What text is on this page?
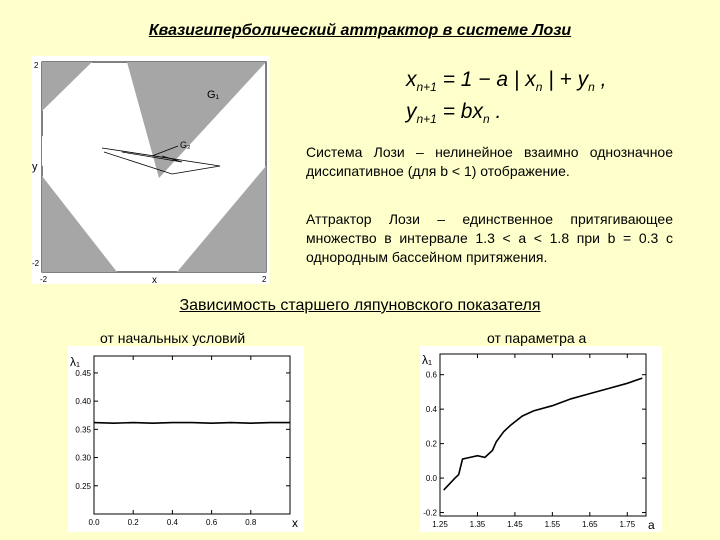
Квазигиперболический аттрактор в системе Лози
G₁
G₂
2
-2
-2	2
y
x
$x_{n+1} = 1 - a$ | $x_n$ | + $y_n$ ,
$y_{n+1} = bx_n$ .
Система Лози – нелинейное взаимно однозначное диссипативное (для b < 1) отображение.
Аттрактор Лози – единственное притягивающее множество в интервале 1.3 < a < 1.8 при b = 0.3 с однородным бассейном притяжения.
Зависимость старшего ляпуновского показателя
от начальных условий	от параметра a
0.0	0.2	0.4	0.6	0.8
0.45
0.40
0.35
0.30
0.25
λ₁
x	1.25	1.35	1.45	1.55	1.65	1.75
0.6
0.4
0.2
0.0
-0.2
λ₁
a
